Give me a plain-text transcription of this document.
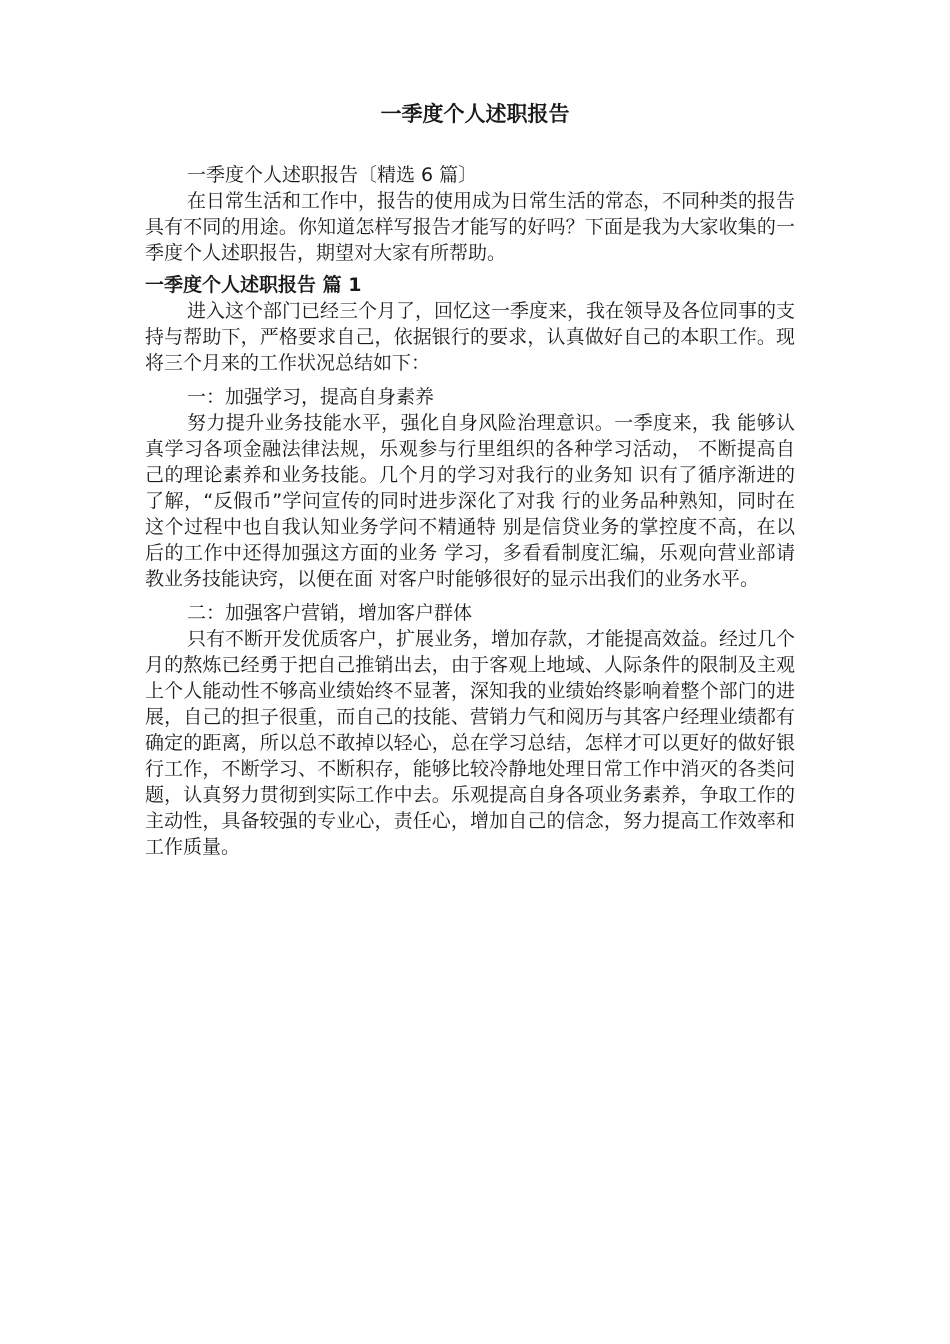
一季度个人述职报告

一季度个人述职报告〔精选 6 篇〕

在日常生活和工作中，报告的使用成为日常生活的常态，不同种类的报告具有不同的用途。你知道怎样写报告才能写的好吗？下面是我为大家收集的一季度个人述职报告，期望对大家有所帮助。

一季度个人述职报告 篇 1

进入这个部门已经三个月了，回忆这一季度来，我在领导及各位同事的支持与帮助下，严格要求自己，依据银行的要求，认真做好自己的本职工作。现将三个月来的工作状况总结如下：

一：加强学习，提高自身素养

努力提升业务技能水平，强化自身风险治理意识。一季度来，我 能够认真学习各项金融法律法规，乐观参与行里组织的各种学习活动， 不断提高自己的理论素养和业务技能。几个月的学习对我行的业务知 识有了循序渐进的了解，“反假币”学问宣传的同时进步深化了对我 行的业务品种熟知，同时在这个过程中也自我认知业务学问不精通特 别是信贷业务的掌控度不高，在以后的工作中还得加强这方面的业务 学习，多看看制度汇编，乐观向营业部请教业务技能诀窍，以便在面 对客户时能够很好的显示出我们的业务水平。

二：加强客户营销，增加客户群体

只有不断开发优质客户，扩展业务，增加存款，才能提高效益。经过几个月的熬炼已经勇于把自己推销出去，由于客观上地域、人际条件的限制及主观上个人能动性不够高业绩始终不显著，深知我的业绩始终影响着整个部门的进展，自己的担子很重，而自己的技能、营销力气和阅历与其客户经理业绩都有确定的距离，所以总不敢掉以轻心，总在学习总结，怎样才可以更好的做好银行工作，不断学习、不断积存，能够比较冷静地处理日常工作中消灭的各类问题，认真努力贯彻到实际工作中去。乐观提高自身各项业务素养，争取工作的主动性，具备较强的专业心，责任心，增加自己的信念，努力提高工作效率和工作质量。
